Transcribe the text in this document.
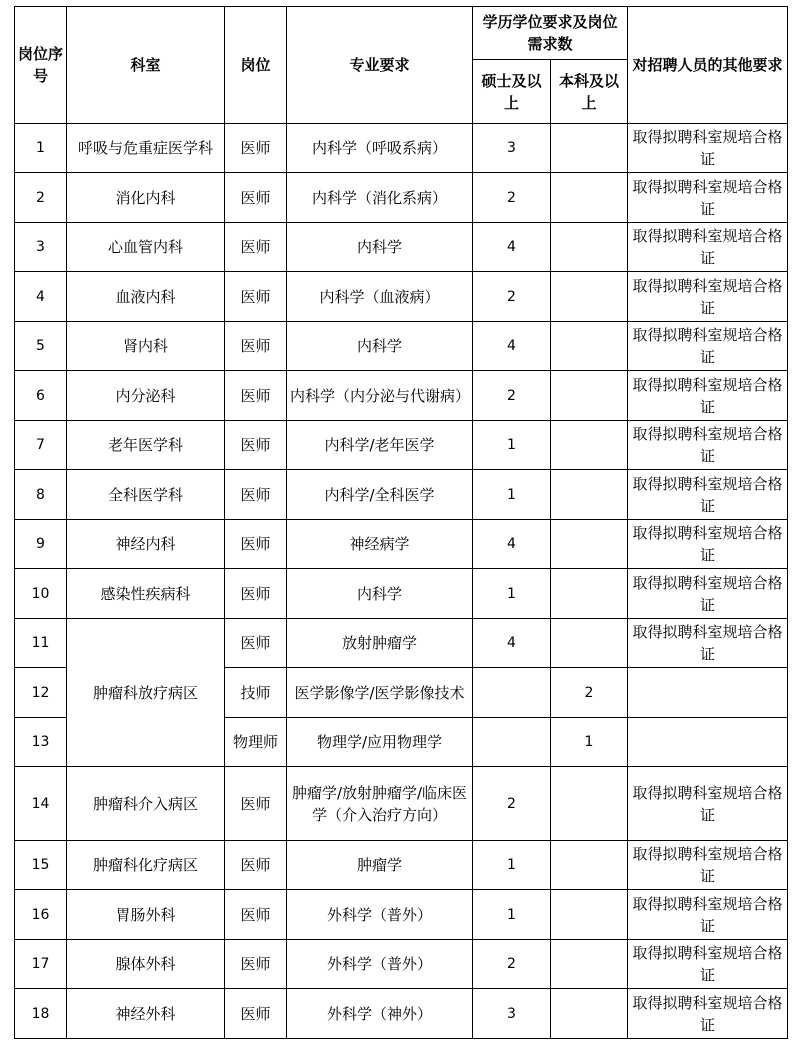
岗位序号	科室	岗位	专业要求	学历学位要求及岗位需求数		对招聘人员的其他要求
				硕士及以上	本科及以上	
1	呼吸与危重症医学科	医师	内科学（呼吸系病）	3		取得拟聘科室规培合格证
2	消化内科	医师	内科学（消化系病）	2		取得拟聘科室规培合格证
3	心血管内科	医师	内科学	4		取得拟聘科室规培合格证
4	血液内科	医师	内科学（血液病）	2		取得拟聘科室规培合格证
5	肾内科	医师	内科学	4		取得拟聘科室规培合格证
6	内分泌科	医师	内科学（内分泌与代谢病）	2		取得拟聘科室规培合格证
7	老年医学科	医师	内科学/老年医学	1		取得拟聘科室规培合格证
8	全科医学科	医师	内科学/全科医学	1		取得拟聘科室规培合格证
9	神经内科	医师	神经病学	4		取得拟聘科室规培合格证
10	感染性疾病科	医师	内科学	1		取得拟聘科室规培合格证
11	肿瘤科放疗病区	医师	放射肿瘤学	4		取得拟聘科室规培合格证
12		技师	医学影像学/医学影像技术		2	
13		物理师	物理学/应用物理学		1	
14	肿瘤科介入病区	医师	肿瘤学/放射肿瘤学/临床医学（介入治疗方向）	2		取得拟聘科室规培合格证
15	肿瘤科化疗病区	医师	肿瘤学	1		取得拟聘科室规培合格证
16	胃肠外科	医师	外科学（普外）	1		取得拟聘科室规培合格证
17	腺体外科	医师	外科学（普外）	2		取得拟聘科室规培合格证
18	神经外科	医师	外科学（神外）	3		取得拟聘科室规培合格证
